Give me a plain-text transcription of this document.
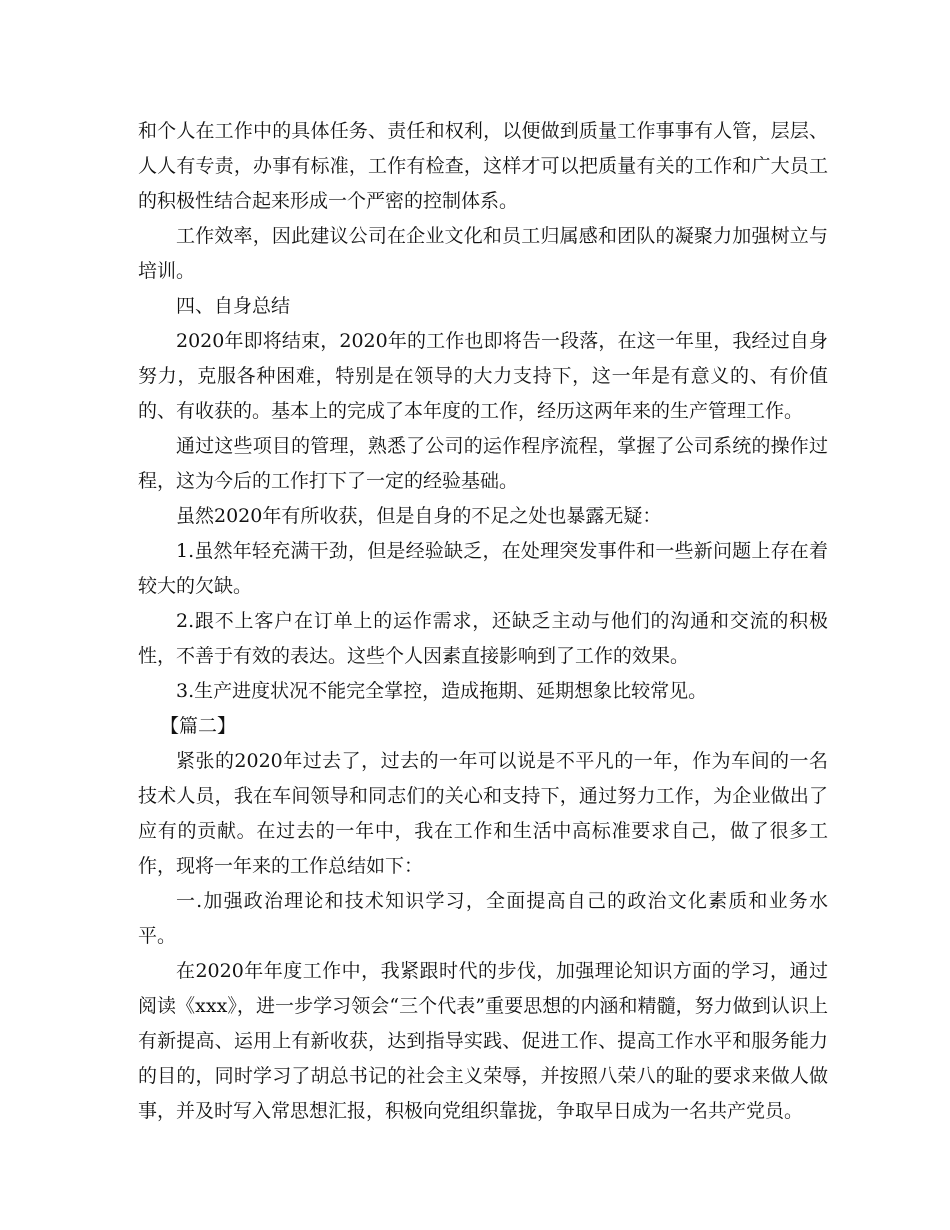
和个人在工作中的具体任务、责任和权利，以便做到质量工作事事有人管，层层、人人有专责，办事有标准，工作有检查，这样才可以把质量有关的工作和广大员工的积极性结合起来形成一个严密的控制体系。

工作效率，因此建议公司在企业文化和员工归属感和团队的凝聚力加强树立与培训。

四、自身总结

2020年即将结束，2020年的工作也即将告一段落，在这一年里，我经过自身努力，克服各种困难，特别是在领导的大力支持下，这一年是有意义的、有价值的、有收获的。基本上的完成了本年度的工作，经历这两年来的生产管理工作。

通过这些项目的管理，熟悉了公司的运作程序流程，掌握了公司系统的操作过程，这为今后的工作打下了一定的经验基础。

虽然2020年有所收获，但是自身的不足之处也暴露无疑：

1.虽然年轻充满干劲，但是经验缺乏，在处理突发事件和一些新问题上存在着较大的欠缺。

2.跟不上客户在订单上的运作需求，还缺乏主动与他们的沟通和交流的积极性，不善于有效的表达。这些个人因素直接影响到了工作的效果。

3.生产进度状况不能完全掌控，造成拖期、延期想象比较常见。

【篇二】

紧张的2020年过去了，过去的一年可以说是不平凡的一年，作为车间的一名技术人员，我在车间领导和同志们的关心和支持下，通过努力工作，为企业做出了应有的贡献。在过去的一年中，我在工作和生活中高标准要求自己，做了很多工作，现将一年来的工作总结如下：

一.加强政治理论和技术知识学习，全面提高自己的政治文化素质和业务水平。

在2020年年度工作中，我紧跟时代的步伐，加强理论知识方面的学习，通过阅读《xxx》，进一步学习领会“三个代表”重要思想的内涵和精髓，努力做到认识上有新提高、运用上有新收获，达到指导实践、促进工作、提高工作水平和服务能力的目的，同时学习了胡总书记的社会主义荣辱，并按照八荣八的耻的要求来做人做事，并及时写入常思想汇报，积极向党组织靠拢，争取早日成为一名共产党员。
